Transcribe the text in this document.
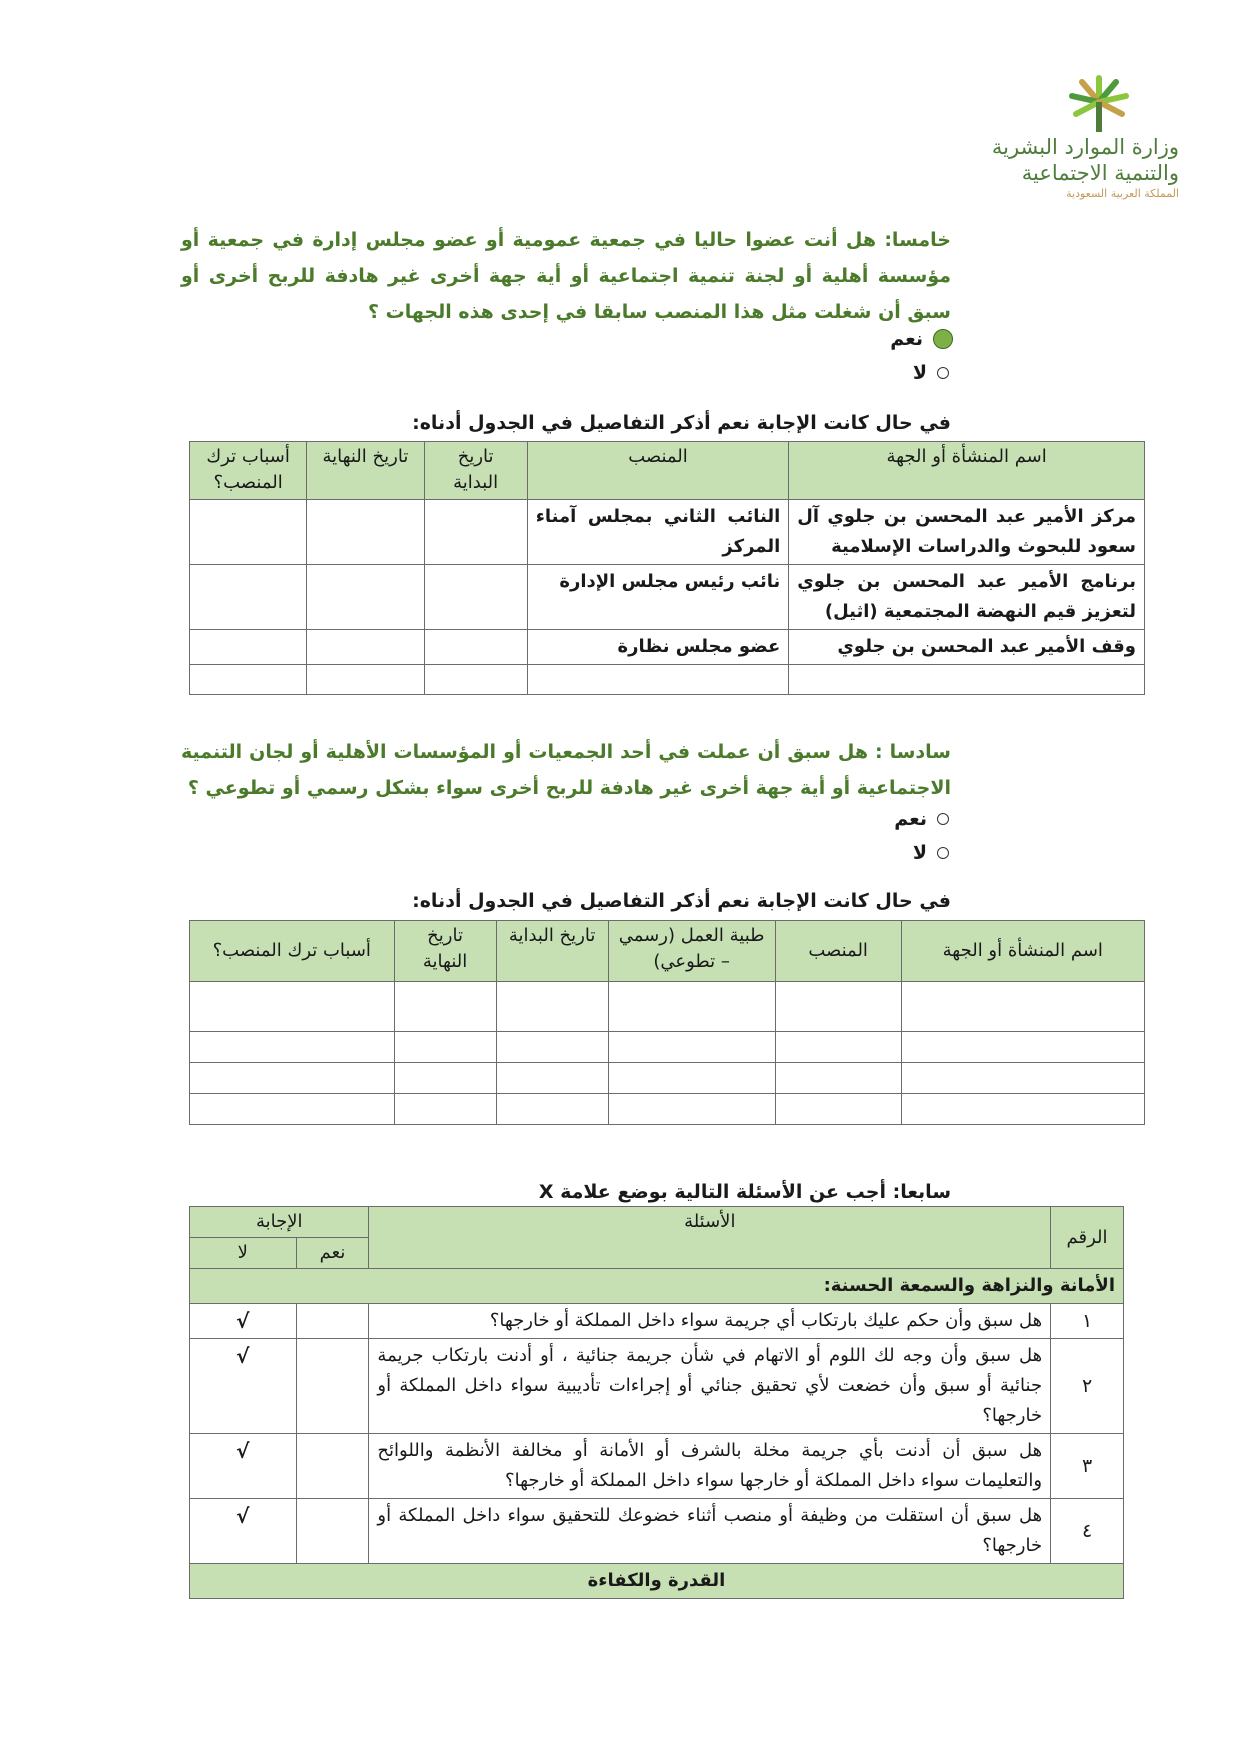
وزارة الموارد البشرية
والتنمية الاجتماعية
المملكة العربية السعودية
خامسا: هل أنت عضوا حاليا في جمعية عمومية أو عضو مجلس إدارة في جمعية أو مؤسسة أهلية أو لجنة تنمية اجتماعية أو أية جهة أخرى غير هادفة للربح أخرى أو سبق أن شغلت مثل هذا المنصب سابقا في إحدى هذه الجهات ؟
نعم
لا
في حال كانت الإجابة نعم أذكر التفاصيل في الجدول أدناه:
اسم المنشأة أو الجهة	المنصب	تاريخ البداية	تاريخ النهاية	أسباب ترك المنصب؟
مركز الأمير عبد المحسن بن جلوي آل سعود للبحوث والدراسات الإسلامية	النائب الثاني بمجلس آمناء المركز			
برنامج الأمير عبد المحسن بن جلوي لتعزيز قيم النهضة المجتمعية (اثيل)	نائب رئيس مجلس الإدارة			
وقف الأمير عبد المحسن بن جلوي	عضو مجلس نظارة			

سادسا : هل سبق أن عملت في أحد الجمعيات أو المؤسسات الأهلية أو لجان التنمية الاجتماعية أو أية جهة أخرى غير هادفة للربح أخرى سواء بشكل رسمي أو تطوعي ؟
نعم
لا
في حال كانت الإجابة نعم أذكر التفاصيل في الجدول أدناه:
اسم المنشأة أو الجهة	المنصب	طبية العمل (رسمي – تطوعي)	تاريخ البداية	تاريخ النهاية	أسباب ترك المنصب؟

سابعا: أجب عن الأسئلة التالية بوضع علامة X
الرقم	الأسئلة	الإجابة	
		نعم	لا
الأمانة والنزاهة والسمعة الحسنة:			
١	هل سبق وأن حكم عليك بارتكاب أي جريمة سواء داخل المملكة أو خارجها؟		√
٢	هل سبق وأن وجه لك اللوم أو الاتهام في شأن جريمة جنائية ، أو أدنت بارتكاب جريمة جنائية أو سبق وأن خضعت لأي تحقيق جنائي أو إجراءات تأديبية سواء داخل المملكة أو خارجها؟		√
٣	هل سبق أن أدنت بأي جريمة مخلة بالشرف أو الأمانة أو مخالفة الأنظمة واللوائح والتعليمات سواء داخل المملكة أو خارجها سواء داخل المملكة أو خارجها؟		√
٤	هل سبق أن استقلت من وظيفة أو منصب أثناء خضوعك للتحقيق سواء داخل المملكة أو خارجها؟		√
القدرة والكفاءة			
